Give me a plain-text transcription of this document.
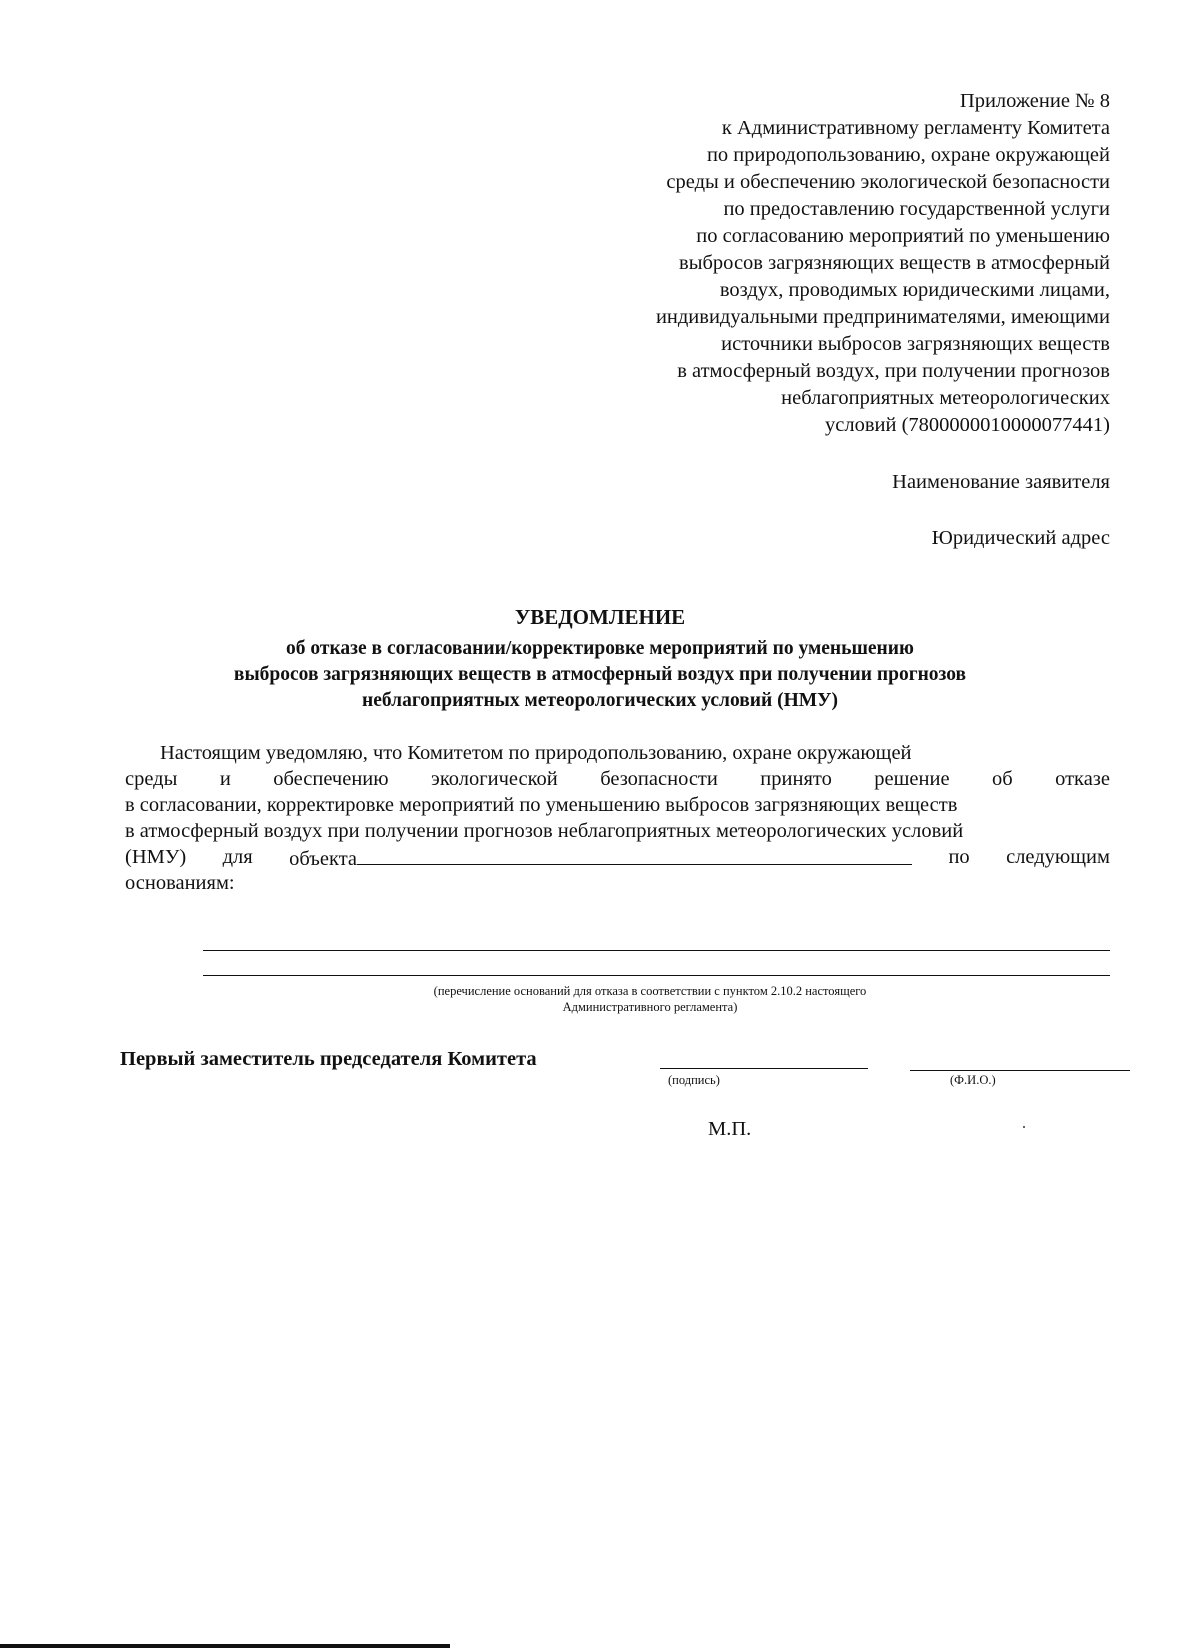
Приложение № 8
к Административному регламенту Комитета
по природопользованию, охране окружающей
среды и обеспечению экологической безопасности
по предоставлению государственной услуги
по согласованию мероприятий по уменьшению
выбросов загрязняющих веществ в атмосферный
воздух, проводимых юридическими лицами,
индивидуальными предпринимателями, имеющими
источники выбросов загрязняющих веществ
в атмосферный воздух, при получении прогнозов
неблагоприятных метеорологических
условий (7800000010000077441)
Наименование заявителя
Юридический адрес
УВЕДОМЛЕНИЕ
об отказе в согласовании/корректировке мероприятий по уменьшению
выбросов загрязняющих веществ в атмосферный воздух при получении прогнозов
неблагоприятных метеорологических условий (НМУ)
Настоящим уведомляю, что Комитетом по природопользованию, охране окружающей
среды и обеспечению экологической безопасности принято решение об отказе
в согласовании, корректировке мероприятий по уменьшению выбросов загрязняющих веществ
в атмосферный воздух при получении прогнозов неблагоприятных метеорологических условий
(НМУ) для объекта	по следующим
основаниям:
(перечисление оснований для отказа в соответствии с пунктом 2.10.2 настоящего
Административного регламента)
Первый заместитель председателя Комитета
(подпись)	(Ф.И.О.)
М.П.
